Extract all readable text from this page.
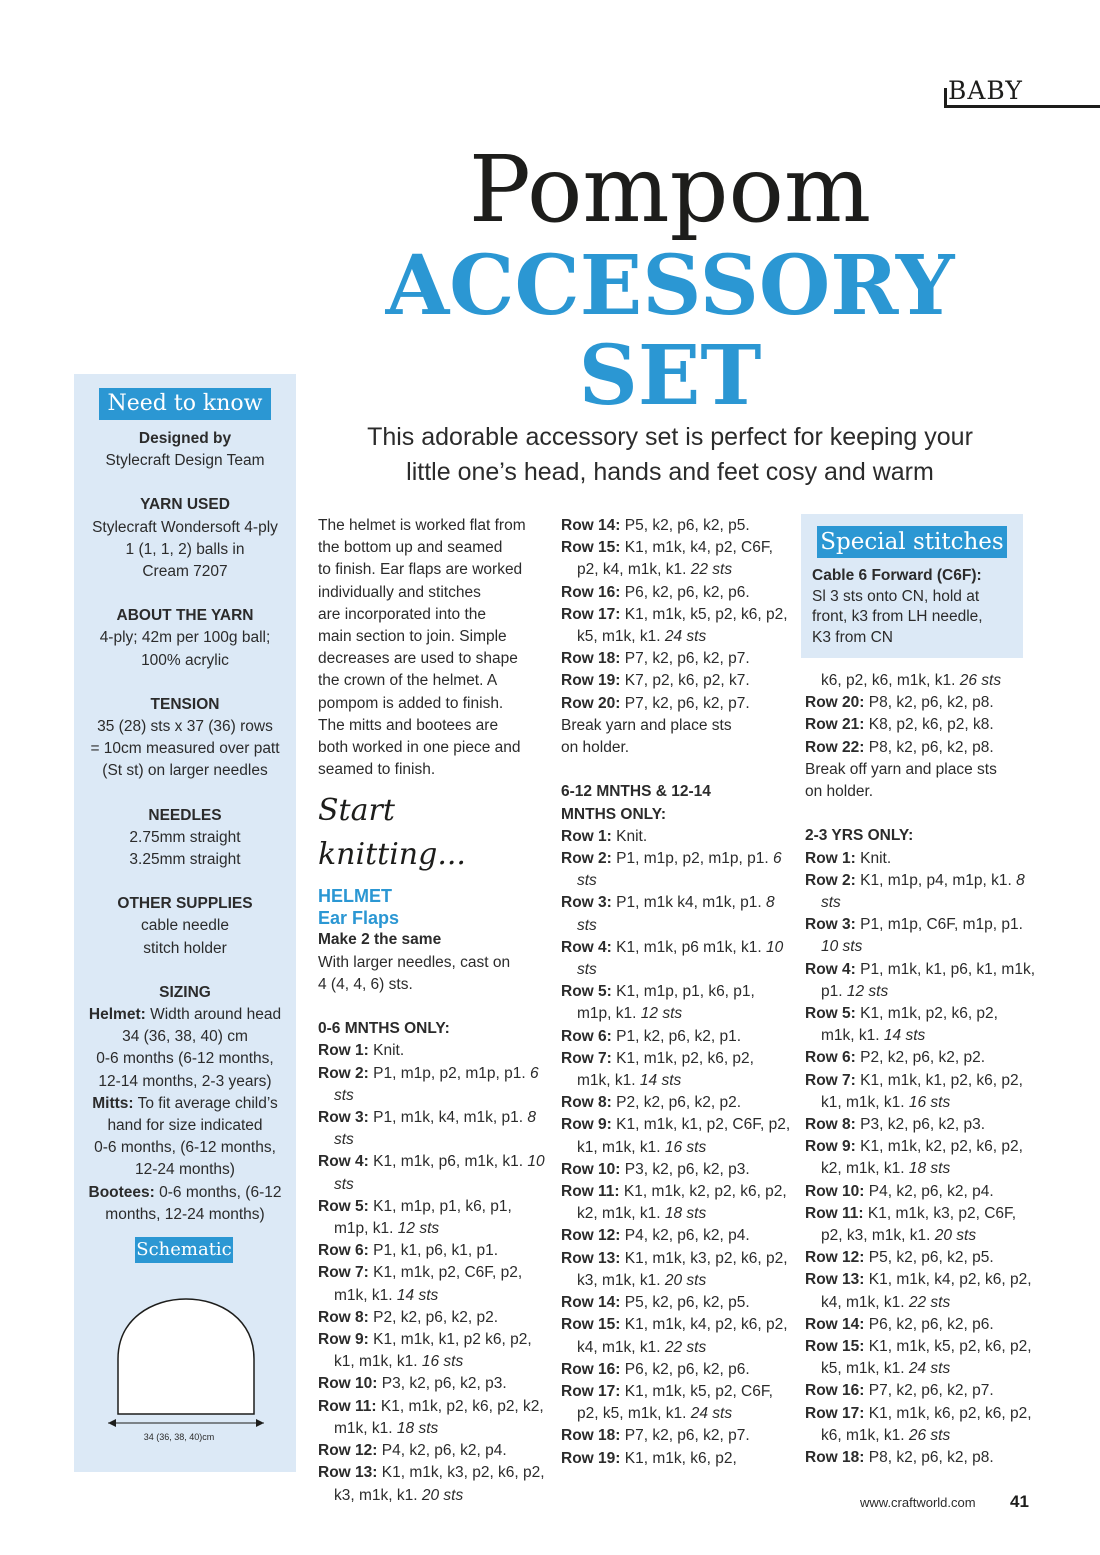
BABY
Pompom
ACCESSORY
SET
This adorable accessory set is perfect for keeping your
little one’s head, hands and feet cosy and warm
Need to know
Designed by
Stylecraft Design Team
YARN USED
Stylecraft Wondersoft 4-ply
1 (1, 1, 2) balls in
Cream 7207
ABOUT THE YARN
4-ply; 42m per 100g ball;
100% acrylic
TENSION
35 (28) sts x 37 (36) rows
= 10cm measured over patt
(St st) on larger needles
NEEDLES
2.75mm straight
3.25mm straight
OTHER SUPPLIES
cable needle
stitch holder
SIZING
Helmet: Width around head
34 (36, 38, 40) cm
0-6 months (6-12 months,
12-14 months, 2-3 years)
Mitts: To fit average child’s
hand for size indicated
0-6 months, (6-12 months,
12-24 months)
Bootees: 0-6 months, (6-12
months, 12-24 months)
Schematic
34 (36, 38, 40)cm
The helmet is worked flat from
the bottom up and seamed
to finish. Ear flaps are worked
individually and stitches
are incorporated into the
main section to join. Simple
decreases are used to shape
the crown of the helmet. A
pompom is added to finish.
The mitts and bootees are
both worked in one piece and
seamed to finish.
Start knitting...
HELMET
Ear Flaps
Make 2 the same
With larger needles, cast on
4 (4, 4, 6) sts.
0-6 MNTHS ONLY:
Row 1: Knit.
Row 2: P1, m1p, p2, m1p, p1. 6 sts
Row 3: P1, m1k, k4, m1k, p1. 8 sts
Row 4: K1, m1k, p6, m1k, k1. 10 sts
Row 5: K1, m1p, p1, k6, p1, m1p, k1. 12 sts
Row 6: P1, k1, p6, k1, p1.
Row 7: K1, m1k, p2, C6F, p2, m1k, k1. 14 sts
Row 8: P2, k2, p6, k2, p2.
Row 9: K1, m1k, k1, p2 k6, p2, k1, m1k, k1. 16 sts
Row 10: P3, k2, p6, k2, p3.
Row 11: K1, m1k, p2, k6, p2, k2, m1k, k1. 18 sts
Row 12: P4, k2, p6, k2, p4.
Row 13: K1, m1k, k3, p2, k6, p2, k3, m1k, k1. 20 sts
Row 14: P5, k2, p6, k2, p5.
Row 15: K1, m1k, k4, p2, C6F, p2, k4, m1k, k1. 22 sts
Row 16: P6, k2, p6, k2, p6.
Row 17: K1, m1k, k5, p2, k6, p2, k5, m1k, k1. 24 sts
Row 18: P7, k2, p6, k2, p7.
Row 19: K7, p2, k6, p2, k7.
Row 20: P7, k2, p6, k2, p7.
Break yarn and place sts
on holder.
6-12 MNTHS & 12-14
MNTHS ONLY:
Row 1: Knit.
Row 2: P1, m1p, p2, m1p, p1. 6 sts
Row 3: P1, m1k k4, m1k, p1. 8 sts
Row 4: K1, m1k, p6 m1k, k1. 10 sts
Row 5: K1, m1p, p1, k6, p1, m1p, k1. 12 sts
Row 6: P1, k2, p6, k2, p1.
Row 7: K1, m1k, p2, k6, p2, m1k, k1. 14 sts
Row 8: P2, k2, p6, k2, p2.
Row 9: K1, m1k, k1, p2, C6F, p2, k1, m1k, k1. 16 sts
Row 10: P3, k2, p6, k2, p3.
Row 11: K1, m1k, k2, p2, k6, p2, k2, m1k, k1. 18 sts
Row 12: P4, k2, p6, k2, p4.
Row 13: K1, m1k, k3, p2, k6, p2, k3, m1k, k1. 20 sts
Row 14: P5, k2, p6, k2, p5.
Row 15: K1, m1k, k4, p2, k6, p2, k4, m1k, k1. 22 sts
Row 16: P6, k2, p6, k2, p6.
Row 17: K1, m1k, k5, p2, C6F, p2, k5, m1k, k1. 24 sts
Row 18: P7, k2, p6, k2, p7.
Row 19: K1, m1k, k6, p2,
Special stitches
Cable 6 Forward (C6F):
Sl 3 sts onto CN, hold at
front, k3 from LH needle,
K3 from CN
k6, p2, k6, m1k, k1. 26 sts
Row 20: P8, k2, p6, k2, p8.
Row 21: K8, p2, k6, p2, k8.
Row 22: P8, k2, p6, k2, p8.
Break off yarn and place sts
on holder.
2-3 YRS ONLY:
Row 1: Knit.
Row 2: K1, m1p, p4, m1p, k1. 8 sts
Row 3: P1, m1p, C6F, m1p, p1. 10 sts
Row 4: P1, m1k, k1, p6, k1, m1k, p1. 12 sts
Row 5: K1, m1k, p2, k6, p2, m1k, k1. 14 sts
Row 6: P2, k2, p6, k2, p2.
Row 7: K1, m1k, k1, p2, k6, p2, k1, m1k, k1. 16 sts
Row 8: P3, k2, p6, k2, p3.
Row 9: K1, m1k, k2, p2, k6, p2, k2, m1k, k1. 18 sts
Row 10: P4, k2, p6, k2, p4.
Row 11: K1, m1k, k3, p2, C6F, p2, k3, m1k, k1. 20 sts
Row 12: P5, k2, p6, k2, p5.
Row 13: K1, m1k, k4, p2, k6, p2, k4, m1k, k1. 22 sts
Row 14: P6, k2, p6, k2, p6.
Row 15: K1, m1k, k5, p2, k6, p2, k5, m1k, k1. 24 sts
Row 16: P7, k2, p6, k2, p7.
Row 17: K1, m1k, k6, p2, k6, p2, k6, m1k, k1. 26 sts
Row 18: P8, k2, p6, k2, p8.
www.craftworld.com 41
